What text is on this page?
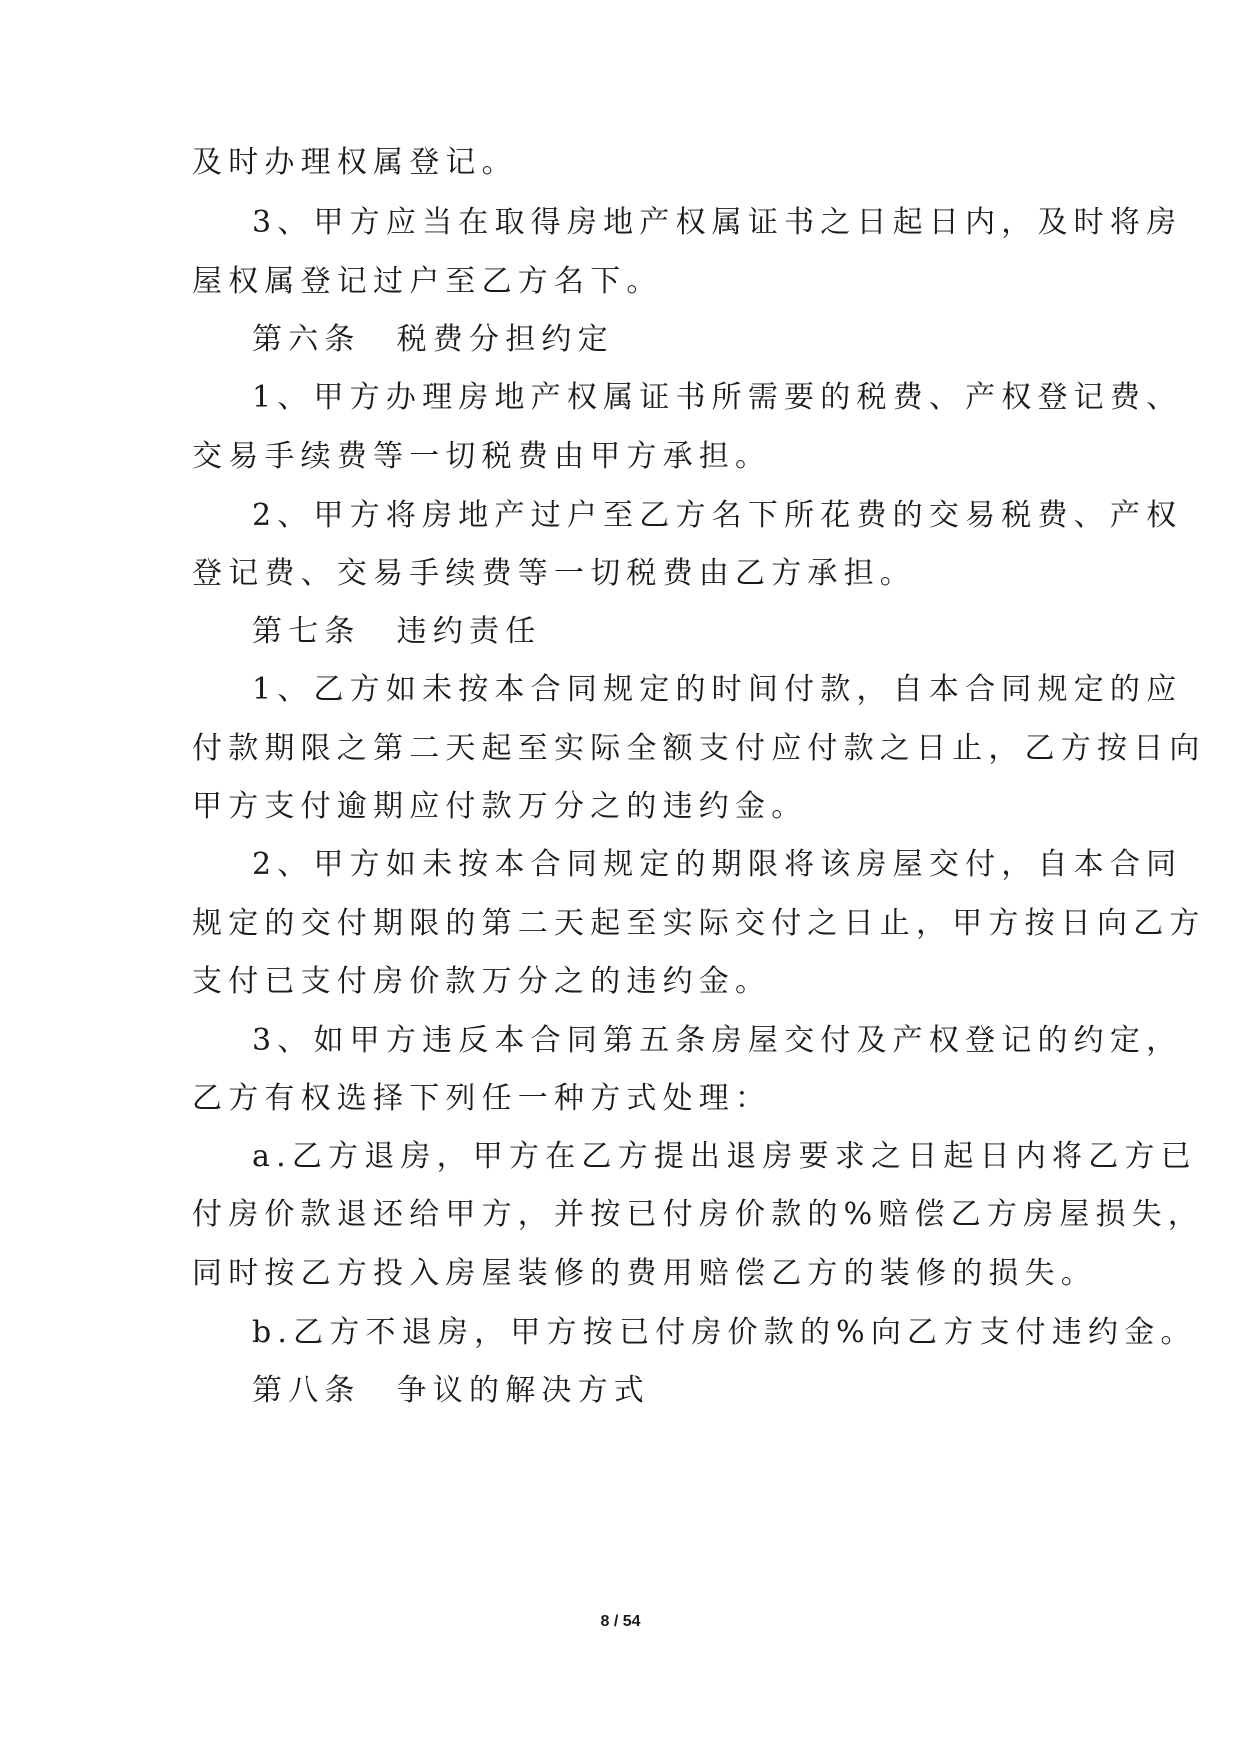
及时办理权属登记。
3、甲方应当在取得房地产权属证书之日起日内，及时将房
屋权属登记过户至乙方名下。
第六条 税费分担约定
1、甲方办理房地产权属证书所需要的税费、产权登记费、
交易手续费等一切税费由甲方承担。
2、甲方将房地产过户至乙方名下所花费的交易税费、产权
登记费、交易手续费等一切税费由乙方承担。
第七条 违约责任
1、乙方如未按本合同规定的时间付款，自本合同规定的应
付款期限之第二天起至实际全额支付应付款之日止，乙方按日向
甲方支付逾期应付款万分之的违约金。
2、甲方如未按本合同规定的期限将该房屋交付，自本合同
规定的交付期限的第二天起至实际交付之日止，甲方按日向乙方
支付已支付房价款万分之的违约金。
3、如甲方违反本合同第五条房屋交付及产权登记的约定，
乙方有权选择下列任一种方式处理：
a.乙方退房，甲方在乙方提出退房要求之日起日内将乙方已
付房价款退还给甲方，并按已付房价款的%赔偿乙方房屋损失，
同时按乙方投入房屋装修的费用赔偿乙方的装修的损失。
b.乙方不退房，甲方按已付房价款的%向乙方支付违约金。
第八条 争议的解决方式
8 / 54
